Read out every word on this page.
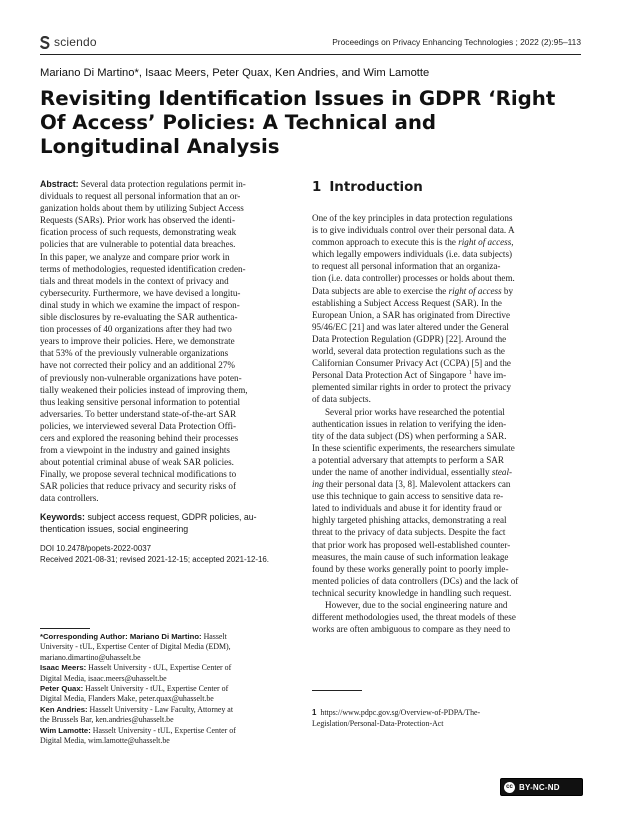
sciendo	Proceedings on Privacy Enhancing Technologies ; 2022 (2):95–113
Mariano Di Martino*, Isaac Meers, Peter Quax, Ken Andries, and Wim Lamotte
Revisiting Identification Issues in GDPR ‘Right
Of Access’ Policies: A Technical and
Longitudinal Analysis
Abstract: Several data protection regulations permit in-
dividuals to request all personal information that an or-
ganization holds about them by utilizing Subject Access
Requests (SARs). Prior work has observed the identi-
fication process of such requests, demonstrating weak
policies that are vulnerable to potential data breaches.
In this paper, we analyze and compare prior work in
terms of methodologies, requested identification creden-
tials and threat models in the context of privacy and
cybersecurity. Furthermore, we have devised a longitu-
dinal study in which we examine the impact of respon-
sible disclosures by re-evaluating the SAR authentica-
tion processes of 40 organizations after they had two
years to improve their policies. Here, we demonstrate
that 53% of the previously vulnerable organizations
have not corrected their policy and an additional 27%
of previously non-vulnerable organizations have poten-
tially weakened their policies instead of improving them,
thus leaking sensitive personal information to potential
adversaries. To better understand state-of-the-art SAR
policies, we interviewed several Data Protection Offi-
cers and explored the reasoning behind their processes
from a viewpoint in the industry and gained insights
about potential criminal abuse of weak SAR policies.
Finally, we propose several technical modifications to
SAR policies that reduce privacy and security risks of
data controllers.
Keywords: subject access request, GDPR policies, au-
thentication issues, social engineering
DOI 10.2478/popets-2022-0037
Received 2021-08-31; revised 2021-12-15; accepted 2021-12-16.
*Corresponding Author: Mariano Di Martino: Hasselt
University - tUL, Expertise Center of Digital Media (EDM),
mariano.dimartino@uhasselt.be
Isaac Meers: Hasselt University - tUL, Expertise Center of
Digital Media, isaac.meers@uhasselt.be
Peter Quax: Hasselt University - tUL, Expertise Center of
Digital Media, Flanders Make, peter.quax@uhasselt.be
Ken Andries: Hasselt University - Law Faculty, Attorney at
the Brussels Bar, ken.andries@uhasselt.be
Wim Lamotte: Hasselt University - tUL, Expertise Center of
Digital Media, wim.lamotte@uhasselt.be
1 Introduction
One of the key principles in data protection regulations
is to give individuals control over their personal data. A
common approach to execute this is the right of access,
which legally empowers individuals (i.e. data subjects)
to request all personal information that an organiza-
tion (i.e. data controller) processes or holds about them.
Data subjects are able to exercise the right of access by
establishing a Subject Access Request (SAR). In the
European Union, a SAR has originated from Directive
95/46/EC [21] and was later altered under the General
Data Protection Regulation (GDPR) [22]. Around the
world, several data protection regulations such as the
Californian Consumer Privacy Act (CCPA) [5] and the
Personal Data Protection Act of Singapore $^1$ have im-
plemented similar rights in order to protect the privacy
of data subjects.
Several prior works have researched the potential
authentication issues in relation to verifying the iden-
tity of the data subject (DS) when performing a SAR.
In these scientific experiments, the researchers simulate
a potential adversary that attempts to perform a SAR
under the name of another individual, essentially steal-
ing their personal data [3, 8]. Malevolent attackers can
use this technique to gain access to sensitive data re-
lated to individuals and abuse it for identity fraud or
highly targeted phishing attacks, demonstrating a real
threat to the privacy of data subjects. Despite the fact
that prior work has proposed well-established counter-
measures, the main cause of such information leakage
found by these works generally point to poorly imple-
mented policies of data controllers (DCs) and the lack of
technical security knowledge in handling such request.
However, due to the social engineering nature and
different methodologies used, the threat models of these
works are often ambiguous to compare as they need to
1 https://www.pdpc.gov.sg/Overview-of-PDPA/The-
Legislation/Personal-Data-Protection-Act
cc BY-NC-ND
